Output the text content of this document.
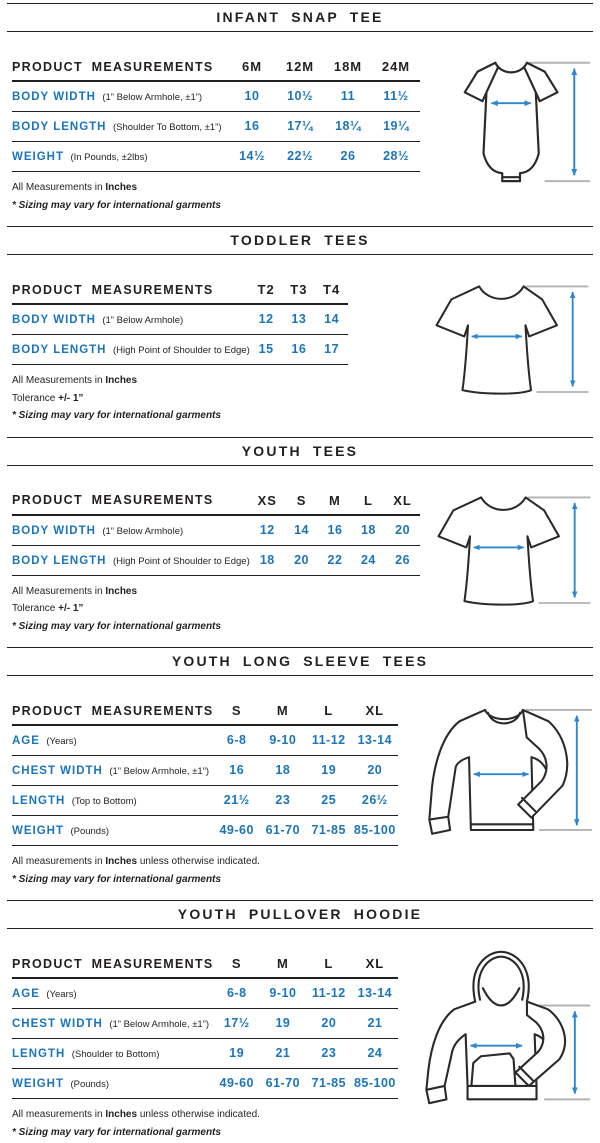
INFANT SNAP TEE
PRODUCT MEASUREMENTS	6M	12M	18M	24M
BODY WIDTH (1” Below Armhole, ±1”)	10	10½	11	11½
BODY LENGTH (Shoulder To Bottom, ±1”)	16	17¼	18¼	19¼
WEIGHT (In Pounds, ±2lbs)	14½	22½	26	28½

All Measurements in Inches

* Sizing may vary for international garments

TODDLER TEES
PRODUCT MEASUREMENTS	T2	T3	T4
BODY WIDTH (1” Below Armhole)	12	13	14
BODY LENGTH (High Point of Shoulder to Edge)	15	16	17

All Measurements in Inches

Tolerance +/- 1”

* Sizing may vary for international garments

YOUTH TEES
PRODUCT MEASUREMENTS	XS	S	M	L	XL
BODY WIDTH (1” Below Armhole)	12	14	16	18	20
BODY LENGTH (High Point of Shoulder to Edge)	18	20	22	24	26

All Measurements in Inches

Tolerance +/- 1”

* Sizing may vary for international garments

YOUTH LONG SLEEVE TEES
PRODUCT MEASUREMENTS	S	M	L	XL
AGE (Years)	6-8	9-10	11-12	13-14
CHEST WIDTH (1” Below Armhole, ±1”)	16	18	19	20
LENGTH (Top to Bottom)	21½	23	25	26½
WEIGHT (Pounds)	49-60	61-70	71-85	85-100

All measurements in Inches unless otherwise indicated.

* Sizing may vary for international garments

YOUTH PULLOVER HOODIE
PRODUCT MEASUREMENTS	S	M	L	XL
AGE (Years)	6-8	9-10	11-12	13-14
CHEST WIDTH (1” Below Armhole, ±1”)	17½	19	20	21
LENGTH (Shoulder to Bottom)	19	21	23	24
WEIGHT (Pounds)	49-60	61-70	71-85	85-100

All measurements in Inches unless otherwise indicated.

* Sizing may vary for international garments
